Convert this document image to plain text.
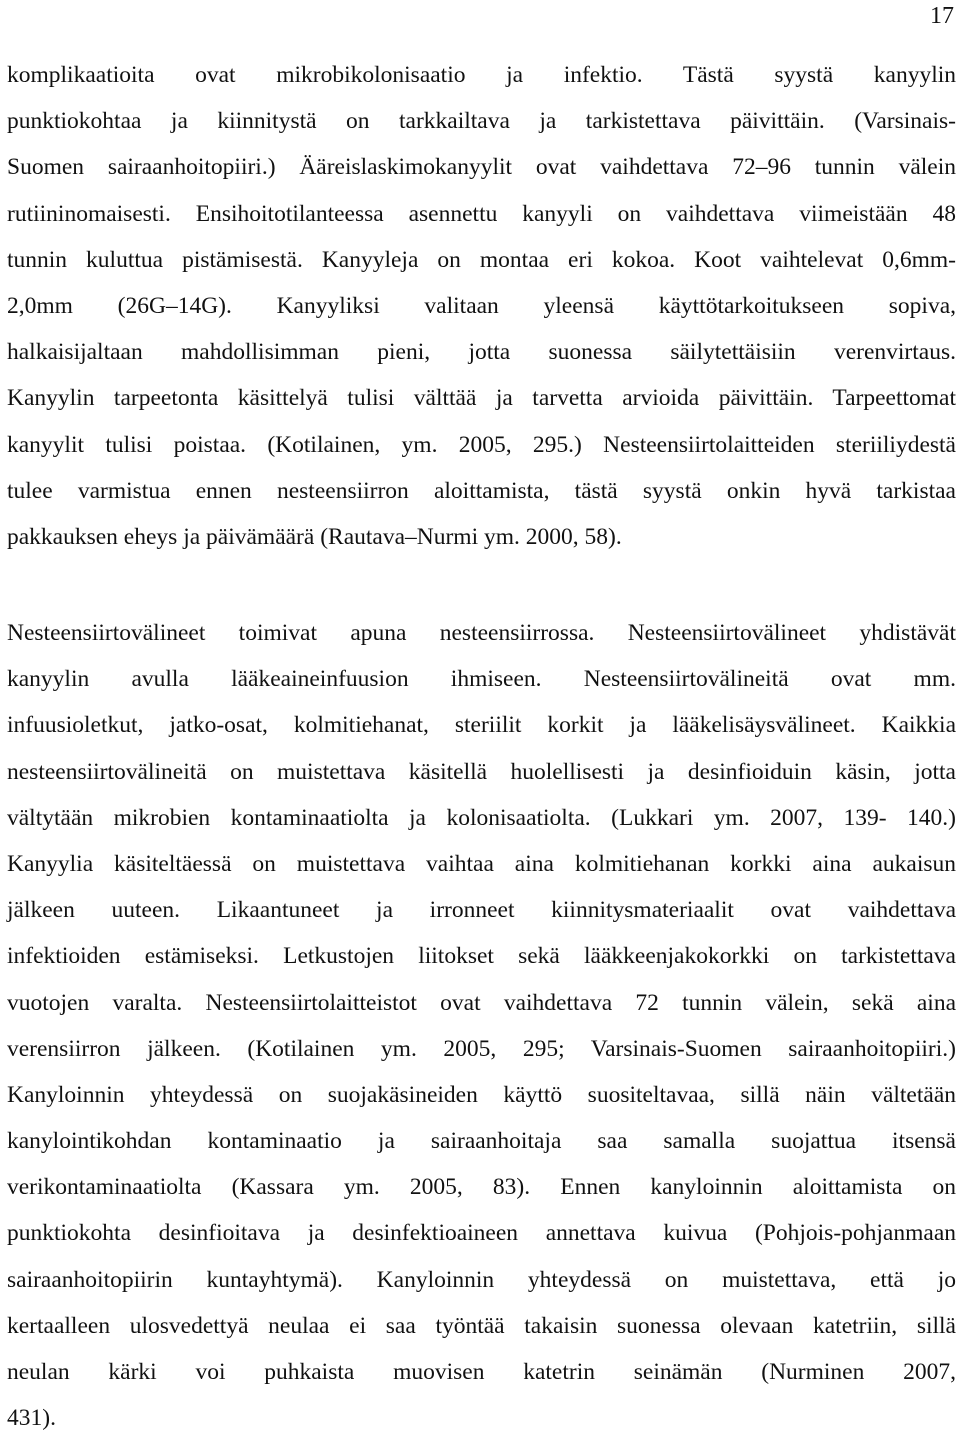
17
komplikaatioita ovat mikrobikolonisaatio ja infektio. Tästä syystä kanyylin
punktiokohtaa ja kiinnitystä on tarkkailtava ja tarkistettava päivittäin. (Varsinais-
Suomen sairaanhoitopiiri.) Ääreislaskimokanyylit ovat vaihdettava 72–96 tunnin välein
rutiininomaisesti. Ensihoitotilanteessa asennettu kanyyli on vaihdettava viimeistään 48
tunnin kuluttua pistämisestä. Kanyyleja on montaa eri kokoa. Koot vaihtelevat 0,6mm-
2,0mm (26G–14G). Kanyyliksi valitaan yleensä käyttötarkoitukseen sopiva,
halkaisijaltaan mahdollisimman pieni, jotta suonessa säilytettäisiin verenvirtaus.
Kanyylin tarpeetonta käsittelyä tulisi välttää ja tarvetta arvioida päivittäin. Tarpeettomat
kanyylit tulisi poistaa. (Kotilainen, ym. 2005, 295.) Nesteensiirtolaitteiden steriiliydestä
tulee varmistua ennen nesteensiirron aloittamista, tästä syystä onkin hyvä tarkistaa
pakkauksen eheys ja päivämäärä (Rautava–Nurmi ym. 2000, 58).
Nesteensiirtovälineet toimivat apuna nesteensiirrossa. Nesteensiirtovälineet yhdistävät
kanyylin avulla lääkeaineinfuusion ihmiseen. Nesteensiirtovälineitä ovat mm.
infuusioletkut, jatko-osat, kolmitiehanat, steriilit korkit ja lääkelisäysvälineet. Kaikkia
nesteensiirtovälineitä on muistettava käsitellä huolellisesti ja desinfioiduin käsin, jotta
vältytään mikrobien kontaminaatiolta ja kolonisaatiolta. (Lukkari ym. 2007, 139- 140.)
Kanyylia käsiteltäessä on muistettava vaihtaa aina kolmitiehanan korkki aina aukaisun
jälkeen uuteen. Likaantuneet ja irronneet kiinnitysmateriaalit ovat vaihdettava
infektioiden estämiseksi. Letkustojen liitokset sekä lääkkeenjakokorkki on tarkistettava
vuotojen varalta. Nesteensiirtolaitteistot ovat vaihdettava 72 tunnin välein, sekä aina
verensiirron jälkeen. (Kotilainen ym. 2005, 295; Varsinais-Suomen sairaanhoitopiiri.)
Kanyloinnin yhteydessä on suojakäsineiden käyttö suositeltavaa, sillä näin vältetään
kanylointikohdan kontaminaatio ja sairaanhoitaja saa samalla suojattua itsensä
verikontaminaatiolta (Kassara ym. 2005, 83). Ennen kanyloinnin aloittamista on
punktiokohta desinfioitava ja desinfektioaineen annettava kuivua (Pohjois-pohjanmaan
sairaanhoitopiirin kuntayhtymä). Kanyloinnin yhteydessä on muistettava, että jo
kertaalleen ulosvedettyä neulaa ei saa työntää takaisin suonessa olevaan katetriin, sillä
neulan kärki voi puhkaista muovisen katetrin seinämän (Nurminen 2007,
431).
